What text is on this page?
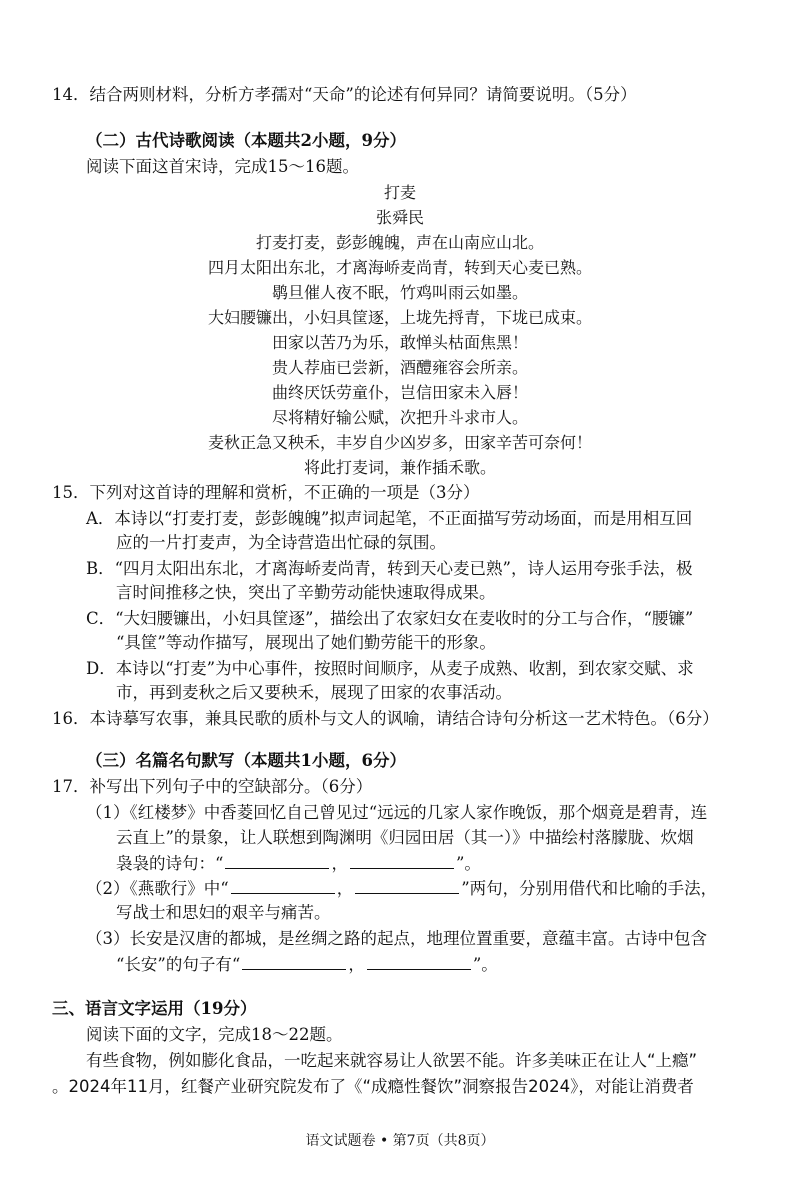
14．结合两则材料，分析方孝孺对“天命”的论述有何异同？请简要说明。（5分）
（二）古代诗歌阅读（本题共2小题，9分）
阅读下面这首宋诗，完成15～16题。
打麦
张舜民
打麦打麦，彭彭魄魄，声在山南应山北。
四月太阳出东北，才离海峤麦尚青，转到天心麦已熟。
鹖旦催人夜不眠，竹鸡叫雨云如墨。
大妇腰镰出，小妇具筐逐，上垅先捋青，下垅已成束。
田家以苦乃为乐，敢惮头枯面焦黑！
贵人荐庙已尝新，酒醴雍容会所亲。
曲终厌饫劳童仆，岂信田家未入唇！
尽将精好输公赋，次把升斗求市人。
麦秋正急又秧禾，丰岁自少凶岁多，田家辛苦可奈何！
将此打麦词，兼作插禾歌。
15．下列对这首诗的理解和赏析，不正确的一项是（3分）
A．本诗以“打麦打麦，彭彭魄魄”拟声词起笔，不正面描写劳动场面，而是用相互回
应的一片打麦声，为全诗营造出忙碌的氛围。
B．“四月太阳出东北，才离海峤麦尚青，转到天心麦已熟”，诗人运用夸张手法，极
言时间推移之快，突出了辛勤劳动能快速取得成果。
C．“大妇腰镰出，小妇具筐逐”，描绘出了农家妇女在麦收时的分工与合作，“腰镰”
“具筐”等动作描写，展现出了她们勤劳能干的形象。
D．本诗以“打麦”为中心事件，按照时间顺序，从麦子成熟、收割，到农家交赋、求
市，再到麦秋之后又要秧禾，展现了田家的农事活动。
16．本诗摹写农事，兼具民歌的质朴与文人的讽喻，请结合诗句分析这一艺术特色。（6分）
（三）名篇名句默写（本题共1小题，6分）
17．补写出下列句子中的空缺部分。（6分）
（1）《红楼梦》中香菱回忆自己曾见过“远远的几家人家作晚饭，那个烟竟是碧青，连
云直上”的景象，让人联想到陶渊明《归园田居（其一）》中描绘村落朦胧、炊烟
袅袅的诗句：“	，	”。
（2）《燕歌行》中“	，	”两句，分别用借代和比喻的手法，
写战士和思妇的艰辛与痛苦。
（3）长安是汉唐的都城，是丝绸之路的起点，地理位置重要，意蕴丰富。古诗中包含
“长安”的句子有“	，	”。
三、语言文字运用（19分）
阅读下面的文字，完成18～22题。
有些食物，例如膨化食品，一吃起来就容易让人欲罢不能。许多美味正在让人“上瘾”
。2024年11月，红餐产业研究院发布了《“成瘾性餐饮”洞察报告2024》，对能让消费者
语文试题卷 • 第7页（共8页）
